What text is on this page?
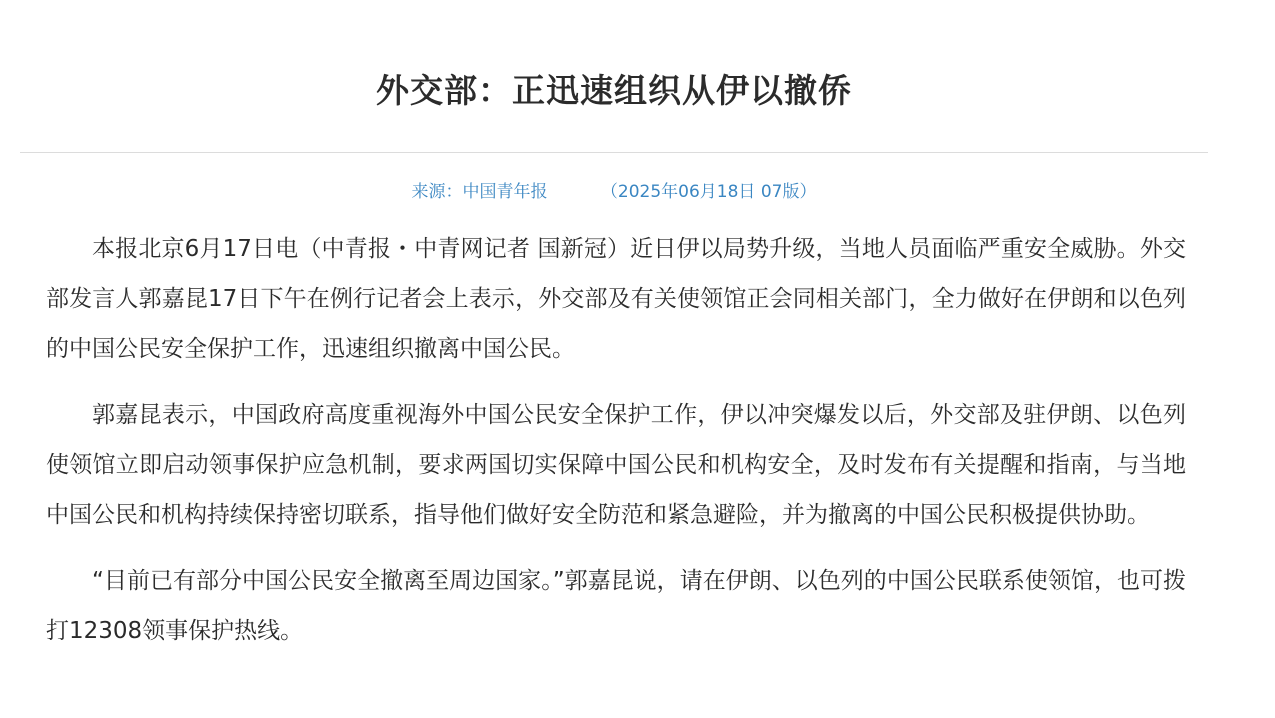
外交部：正迅速组织从伊以撤侨
来源：中国青年报	（2025年06月18日 07版）

本报北京6月17日电（中青报・中青网记者 国新冠）近日伊以局势升级，当地人员面临严重安全威胁。外交部发言人郭嘉昆17日下午在例行记者会上表示，外交部及有关使领馆正会同相关部门，全力做好在伊朗和以色列的中国公民安全保护工作，迅速组织撤离中国公民。

郭嘉昆表示，中国政府高度重视海外中国公民安全保护工作，伊以冲突爆发以后，外交部及驻伊朗、以色列使领馆立即启动领事保护应急机制，要求两国切实保障中国公民和机构安全，及时发布有关提醒和指南，与当地中国公民和机构持续保持密切联系，指导他们做好安全防范和紧急避险，并为撤离的中国公民积极提供协助。

“目前已有部分中国公民安全撤离至周边国家。”郭嘉昆说，请在伊朗、以色列的中国公民联系使领馆，也可拨打12308领事保护热线。
